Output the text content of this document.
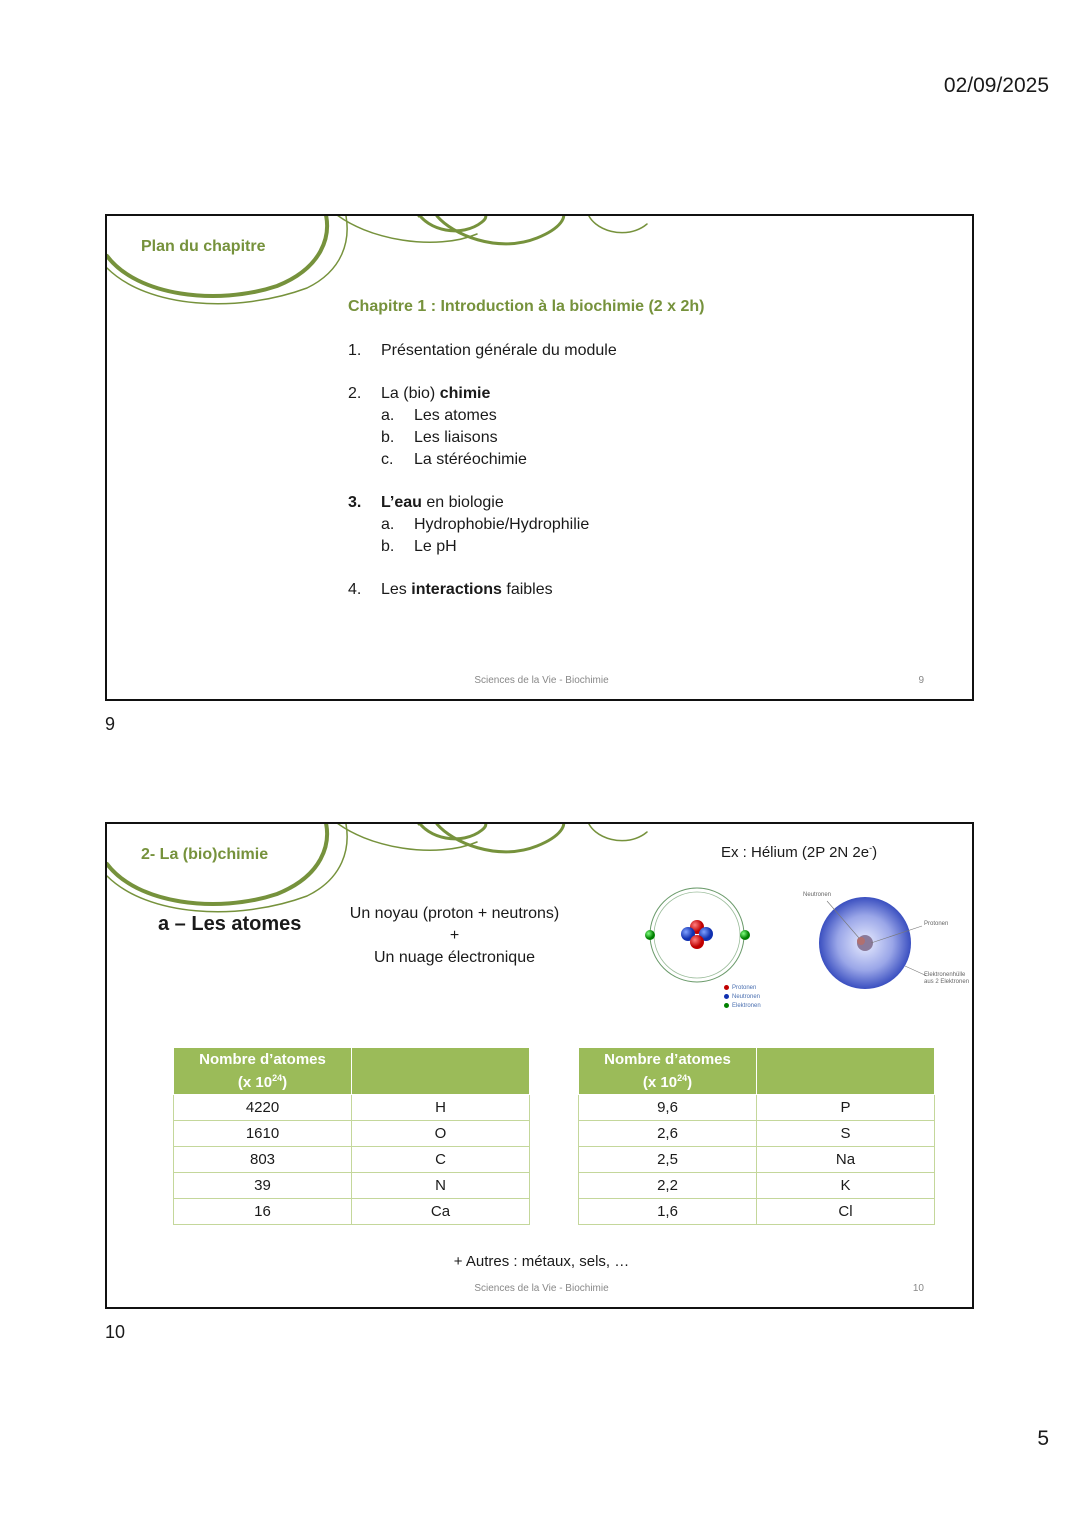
02/09/2025
Plan du chapitre
Chapitre 1 : Introduction à la biochimie (2 x 2h)
1. Présentation générale du module
2. La (bio) chimie
a. Les atomes
b. Les liaisons
c. La stéréochimie
3. L’eau en biologie
a. Hydrophobie/Hydrophilie
b. Le pH
4. Les interactions faibles
Sciences de la Vie - Biochimie	9
9
2- La (bio)chimie
a – Les atomes	Un noyau (proton + neutrons)
+
Un nuage électronique
Ex : Hélium (2P 2N 2e-)
Protonen
Neutronen
Elektronen
Neutronen
Protonen
Elektronenhülle
aus 2 Elektronen
Nombre d’atomes
(x $10^{24}$)	

4220	H
1610	O
803	C
39	N
16	Ca
Nombre d’atomes
(x $10^{24}$)	

9,6	P
2,6	S
2,5	Na
2,2	K
1,6	Cl
+ Autres : métaux, sels, …
Sciences de la Vie - Biochimie	10
10
5
